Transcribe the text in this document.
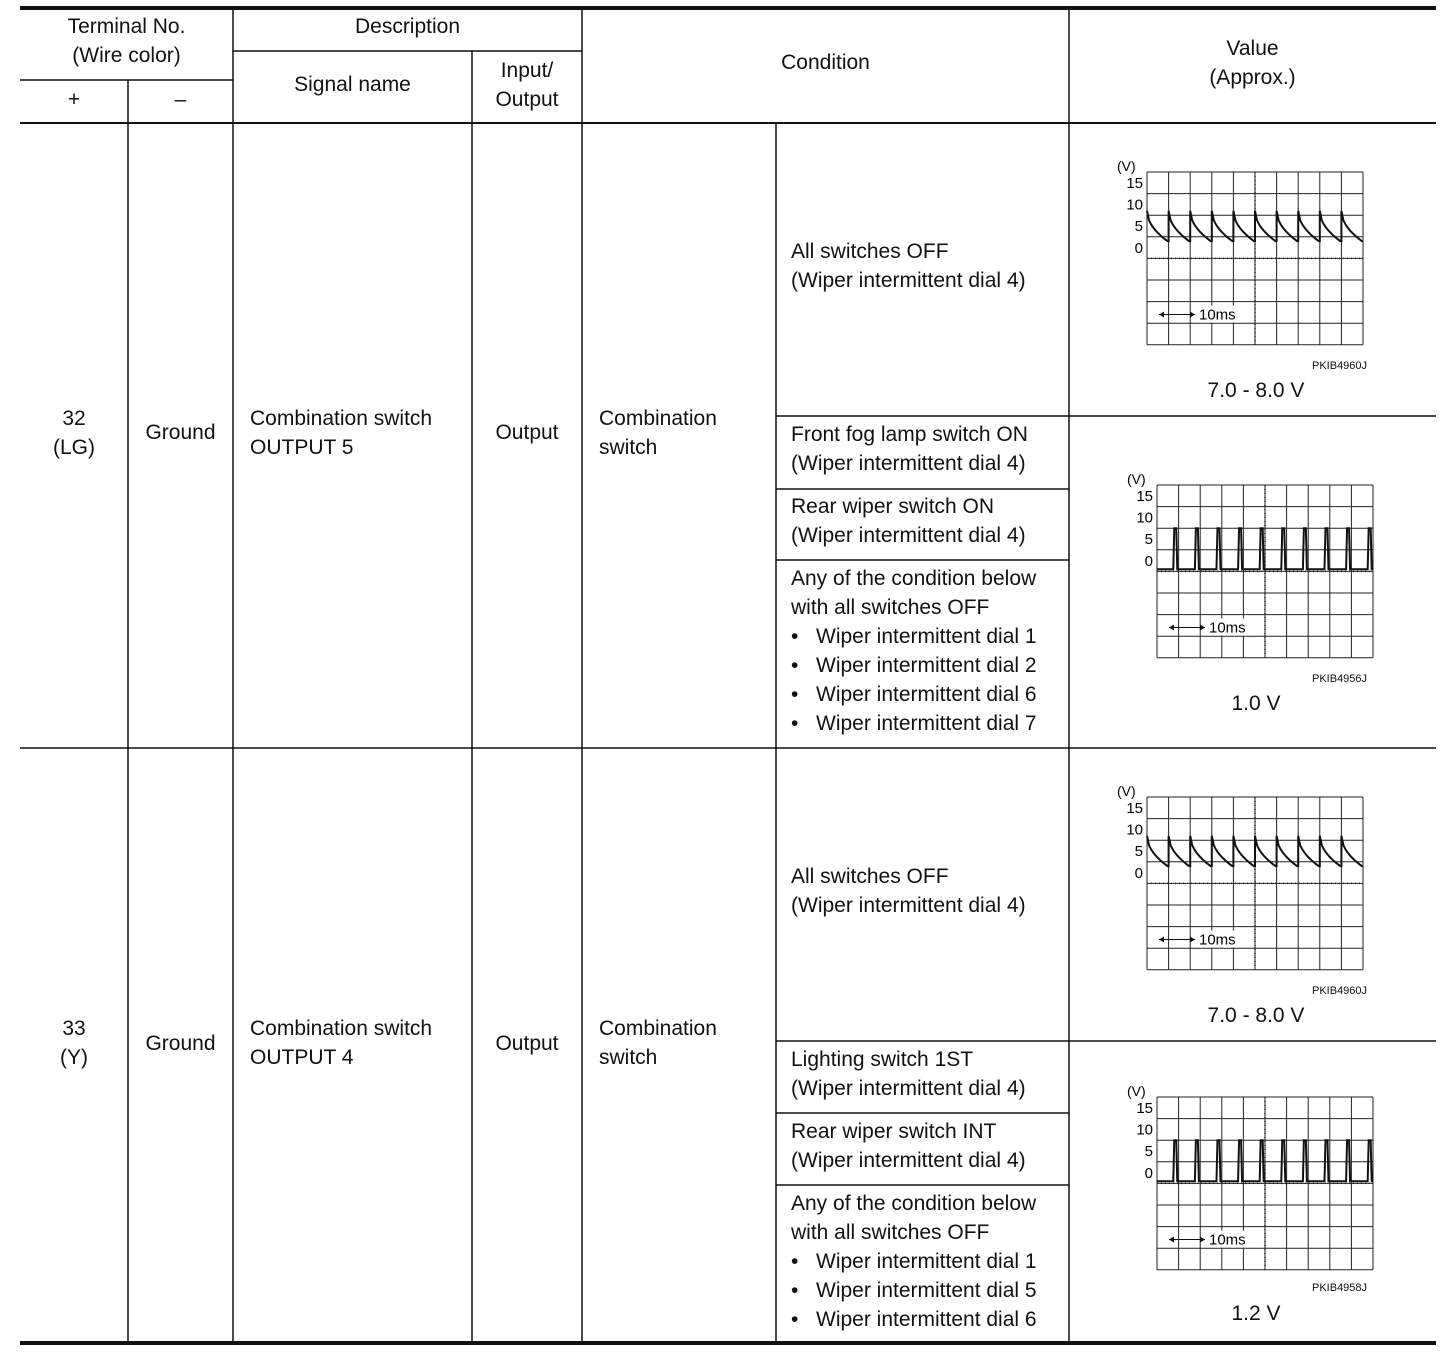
Terminal No.
(Wire color)
+	–
Description
Signal name
Input/
Output
Condition
Value
(Approx.)
32
(LG)
Ground
Combination switch
OUTPUT 5
Output
Combination
switch
All switches OFF
(Wiper intermittent dial 4)
Front fog lamp switch ON
(Wiper intermittent dial 4)
Rear wiper switch ON
(Wiper intermittent dial 4)
Any of the condition below
with all switches OFF
• Wiper intermittent dial 1
• Wiper intermittent dial 2
• Wiper intermittent dial 6
• Wiper intermittent dial 7
33
(Y)
Ground
Combination switch
OUTPUT 4
Output
Combination
switch
All switches OFF
(Wiper intermittent dial 4)
Lighting switch 1ST
(Wiper intermittent dial 4)
Rear wiper switch INT
(Wiper intermittent dial 4)
Any of the condition below
with all switches OFF
• Wiper intermittent dial 1
• Wiper intermittent dial 5
• Wiper intermittent dial 6
(V)
15
10
5
0
10ms
PKIB4960J
7.0 - 8.0 V
(V)
15
10
5
0
10ms
PKIB4956J
1.0 V
(V)
15
10
5
0
10ms
PKIB4960J
7.0 - 8.0 V
(V)
15
10
5
0
10ms
PKIB4958J
1.2 V
